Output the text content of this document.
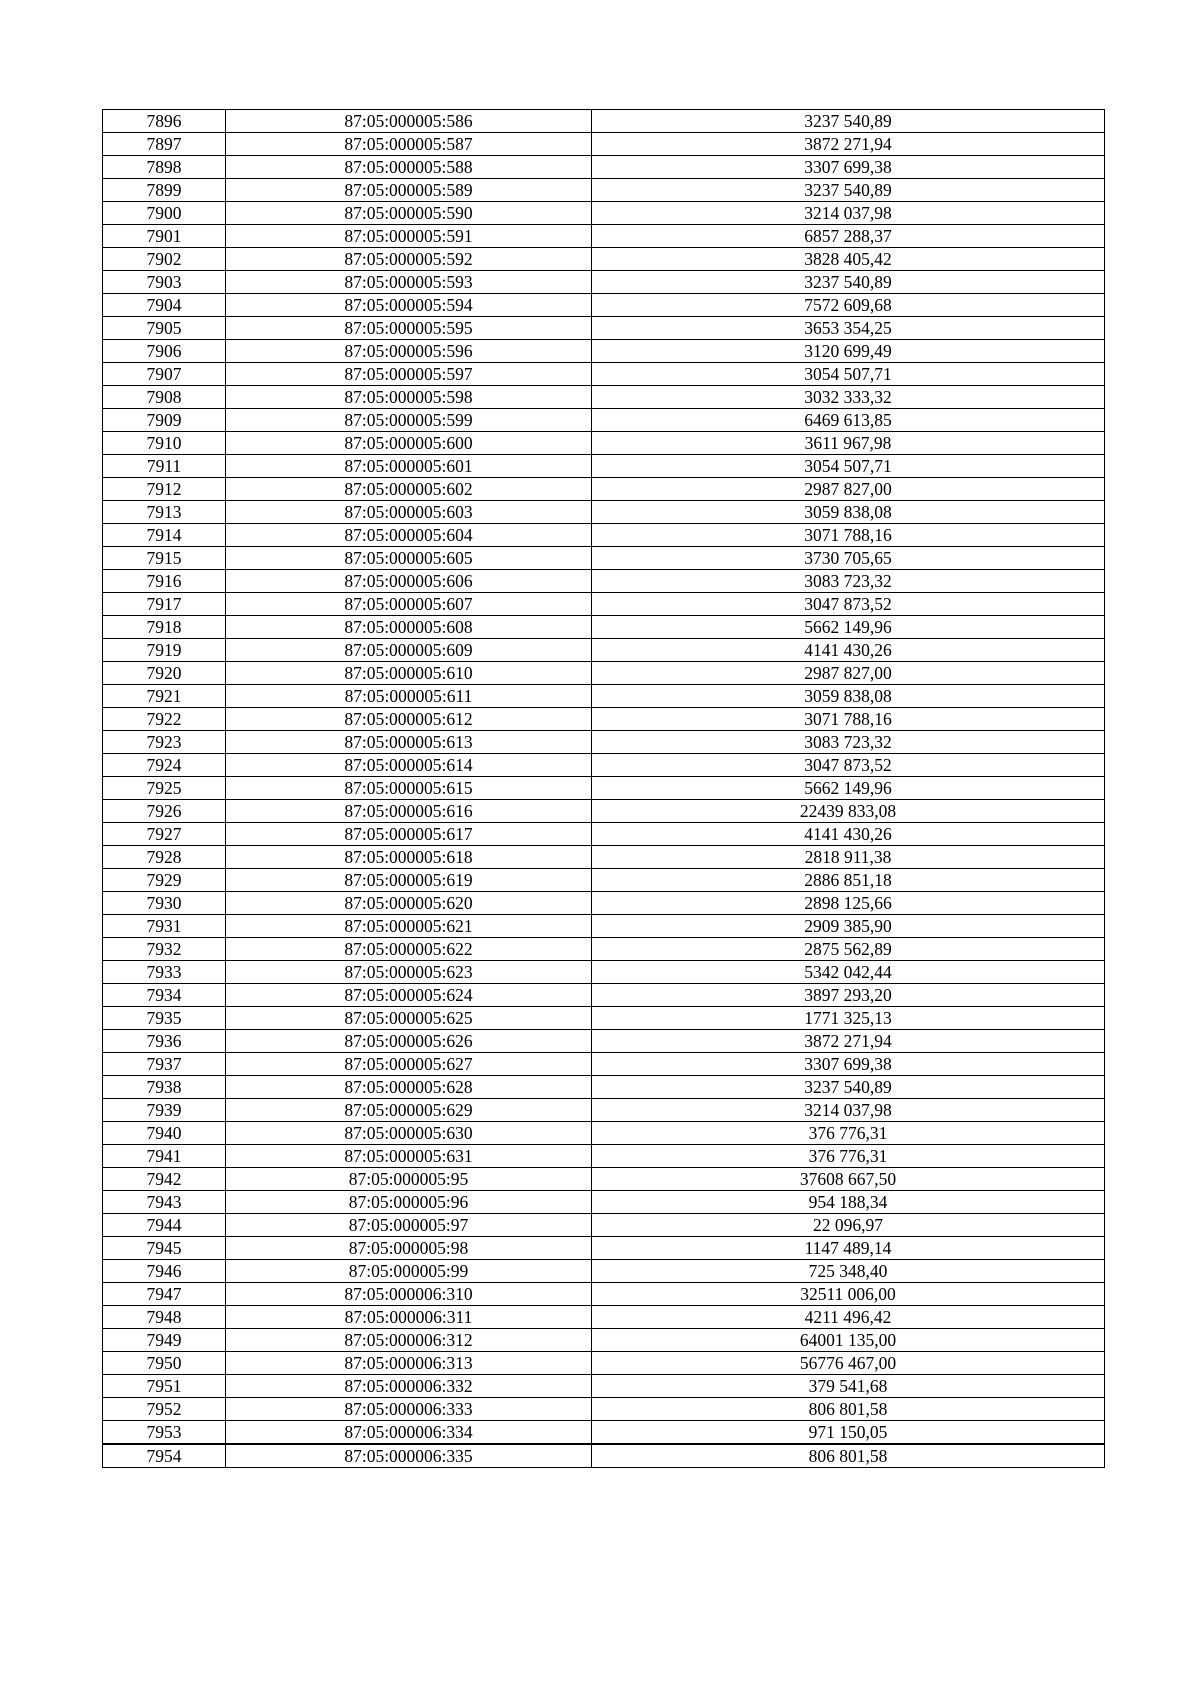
7896	87:05:000005:586	3237 540,89
7897	87:05:000005:587	3872 271,94
7898	87:05:000005:588	3307 699,38
7899	87:05:000005:589	3237 540,89
7900	87:05:000005:590	3214 037,98
7901	87:05:000005:591	6857 288,37
7902	87:05:000005:592	3828 405,42
7903	87:05:000005:593	3237 540,89
7904	87:05:000005:594	7572 609,68
7905	87:05:000005:595	3653 354,25
7906	87:05:000005:596	3120 699,49
7907	87:05:000005:597	3054 507,71
7908	87:05:000005:598	3032 333,32
7909	87:05:000005:599	6469 613,85
7910	87:05:000005:600	3611 967,98
7911	87:05:000005:601	3054 507,71
7912	87:05:000005:602	2987 827,00
7913	87:05:000005:603	3059 838,08
7914	87:05:000005:604	3071 788,16
7915	87:05:000005:605	3730 705,65
7916	87:05:000005:606	3083 723,32
7917	87:05:000005:607	3047 873,52
7918	87:05:000005:608	5662 149,96
7919	87:05:000005:609	4141 430,26
7920	87:05:000005:610	2987 827,00
7921	87:05:000005:611	3059 838,08
7922	87:05:000005:612	3071 788,16
7923	87:05:000005:613	3083 723,32
7924	87:05:000005:614	3047 873,52
7925	87:05:000005:615	5662 149,96
7926	87:05:000005:616	22439 833,08
7927	87:05:000005:617	4141 430,26
7928	87:05:000005:618	2818 911,38
7929	87:05:000005:619	2886 851,18
7930	87:05:000005:620	2898 125,66
7931	87:05:000005:621	2909 385,90
7932	87:05:000005:622	2875 562,89
7933	87:05:000005:623	5342 042,44
7934	87:05:000005:624	3897 293,20
7935	87:05:000005:625	1771 325,13
7936	87:05:000005:626	3872 271,94
7937	87:05:000005:627	3307 699,38
7938	87:05:000005:628	3237 540,89
7939	87:05:000005:629	3214 037,98
7940	87:05:000005:630	376 776,31
7941	87:05:000005:631	376 776,31
7942	87:05:000005:95	37608 667,50
7943	87:05:000005:96	954 188,34
7944	87:05:000005:97	22 096,97
7945	87:05:000005:98	1147 489,14
7946	87:05:000005:99	725 348,40
7947	87:05:000006:310	32511 006,00
7948	87:05:000006:311	4211 496,42
7949	87:05:000006:312	64001 135,00
7950	87:05:000006:313	56776 467,00
7951	87:05:000006:332	379 541,68
7952	87:05:000006:333	806 801,58
7953	87:05:000006:334	971 150,05
7954	87:05:000006:335	806 801,58
